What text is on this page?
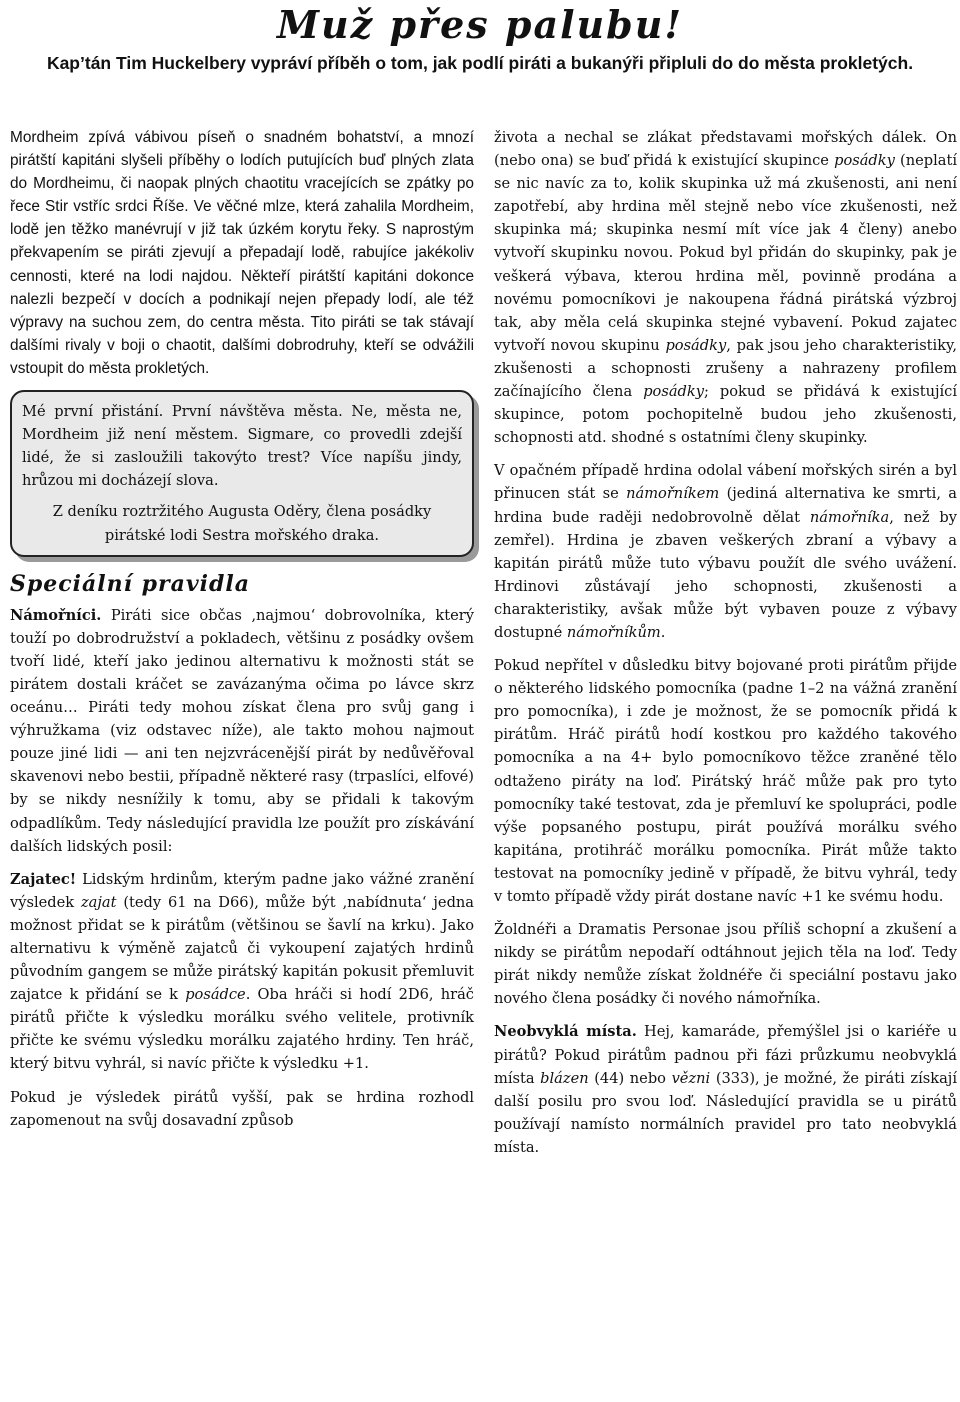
Muž přes palubu!
Kap’tán Tim Huckelbery vypráví příběh o tom, jak podlí piráti a bukanýři připluli do do města prokletých.

Mordheim zpívá vábivou píseň o snadném bohatství, a mnozí pirátští kapitáni slyšeli příběhy o lodích putujících buď plných zlata do Mordheimu, či naopak plných chaotitu vracejících se zpátky po řece Stir vstříc srdci Říše. Ve věčné mlze, která zahalila Mordheim, lodě jen těžko manévrují v již tak úzkém korytu řeky. S naprostým překvapením se piráti zjevují a přepadají lodě, rabujíce jakékoliv cennosti, které na lodi najdou. Někteří pirátští kapitáni dokonce nalezli bezpečí v docích a podnikají nejen přepady lodí, ale též výpravy na suchou zem, do centra města. Tito piráti se tak stávají dalšími rivaly v boji o chaotit, dalšími dobrodruhy, kteří se odvážili vstoupit do města prokletých.

Mé první přistání. První návštěva města. Ne, města ne, Mordheim již není městem. Sigmare, co provedli zdejší lidé, že si zasloužili takovýto trest? Více napíšu jindy, hrůzou mi docházejí slova.

Z deníku roztržitého Augusta Oděry, člena posádky pirátské lodi Sestra mořského draka.

Speciální pravidla

Námořníci. Piráti sice občas ‚najmou‘ dobrovolníka, který touží po dobrodružství a pokladech, většinu z posádky ovšem tvoří lidé, kteří jako jedinou alternativu k možnosti stát se pirátem dostali kráčet se zavázanýma očima po lávce skrz oceánu… Piráti tedy mohou získat člena pro svůj gang i výhružkama (viz odstavec níže), ale takto mohou najmout pouze jiné lidi — ani ten nejzvrácenější pirát by nedůvěřoval skavenovi nebo bestii, případně některé rasy (trpaslíci, elfové) by se nikdy nesnížily k tomu, aby se přidali k takovým odpadlíkům. Tedy následující pravidla lze použít pro získávání dalších lidských posil:

Zajatec! Lidským hrdinům, kterým padne jako vážné zranění výsledek zajat (tedy 61 na D66), může být ‚nabídnuta‘ jedna možnost přidat se k pirátům (většinou se šavlí na krku). Jako alternativu k výměně zajatců či vykoupení zajatých hrdinů původním gangem se může pirátský kapitán pokusit přemluvit zajatce k přidání se k posádce. Oba hráči si hodí 2D6, hráč pirátů přičte k výsledku morálku svého velitele, protivník přičte ke svému výsledku morálku zajatého hrdiny. Ten hráč, který bitvu vyhrál, si navíc přičte k výsledku +1.

Pokud je výsledek pirátů vyšší, pak se hrdina rozhodl zapomenout na svůj dosavadní způsob

života a nechal se zlákat představami mořských dálek. On (nebo ona) se buď přidá k existující skupince posádky (neplatí se nic navíc za to, kolik skupinka už má zkušenosti, ani není zapotřebí, aby hrdina měl stejně nebo více zkušenosti, než skupinka má; skupinka nesmí mít více jak 4 členy) anebo vytvoří skupinku novou. Pokud byl přidán do skupinky, pak je veškerá výbava, kterou hrdina měl, povinně prodána a novému pomocníkovi je nakoupena řádná pirátská výzbroj tak, aby měla celá skupinka stejné vybavení. Pokud zajatec vytvoří novou skupinu posádky, pak jsou jeho charakteristiky, zkušenosti a schopnosti zrušeny a nahrazeny profilem začínajícího člena posádky; pokud se přidává k existující skupince, potom pochopitelně budou jeho zkušenosti, schopnosti atd. shodné s ostatními členy skupinky.

V opačném případě hrdina odolal vábení mořských sirén a byl přinucen stát se námořníkem (jediná alternativa ke smrti, a hrdina bude raději nedobrovolně dělat námořníka, než by zemřel). Hrdina je zbaven veškerých zbraní a výbavy a kapitán pirátů může tuto výbavu použít dle svého uvážení. Hrdinovi zůstávají jeho schopnosti, zkušenosti a charakteristiky, avšak může být vybaven pouze z výbavy dostupné námořníkům.

Pokud nepřítel v důsledku bitvy bojované proti pirátům přijde o některého lidského pomocníka (padne 1–2 na vážná zranění pro pomocníka), i zde je možnost, že se pomocník přidá k pirátům. Hráč pirátů hodí kostkou pro každého takového pomocníka a na 4+ bylo pomocníkovo těžce zraněné tělo odtaženo piráty na loď. Pirátský hráč může pak pro tyto pomocníky také testovat, zda je přemluví ke spolupráci, podle výše popsaného postupu, pirát používá morálku svého kapitána, protihráč morálku pomocníka. Pirát může takto testovat na pomocníky jedině v případě, že bitvu vyhrál, tedy v tomto případě vždy pirát dostane navíc +1 ke svému hodu.

Žoldnéři a Dramatis Personae jsou příliš schopní a zkušení a nikdy se pirátům nepodaří odtáhnout jejich těla na loď. Tedy pirát nikdy nemůže získat žoldnéře či speciální postavu jako nového člena posádky či nového námořníka.

Neobvyklá místa. Hej, kamaráde, přemýšlel jsi o kariéře u pirátů? Pokud pirátům padnou při fázi průzkumu neobvyklá místa blázen (44) nebo vězni (333), je možné, že piráti získají další posilu pro svou loď. Následující pravidla se u pirátů používají namísto normálních pravidel pro tato neobvyklá místa.
